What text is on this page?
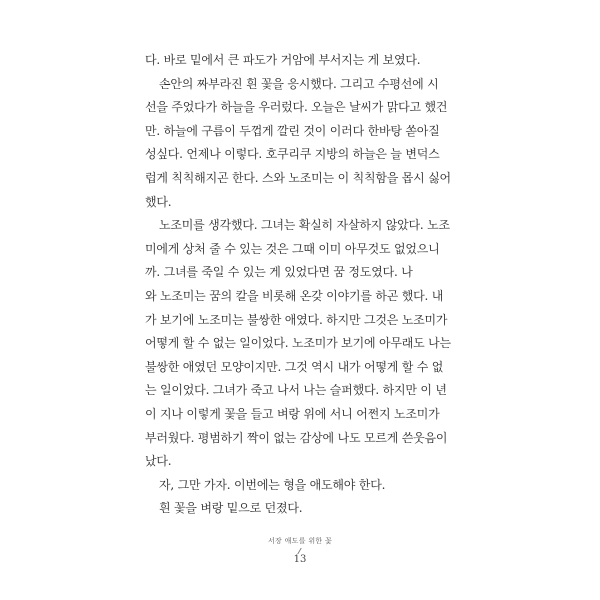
다. 바로 밑에서 큰 파도가 거암에 부서지는 게 보였다.
손안의 짜부라진 흰 꽃을 응시했다. 그리고 수평선에 시
선을 주었다가 하늘을 우러렀다. 오늘은 날씨가 맑다고 했건
만. 하늘에 구름이 두껍게 깔린 것이 이러다 한바탕 쏟아질
성싶다. 언제나 이렇다. 호쿠리쿠 지방의 하늘은 늘 변덕스
럽게 칙칙해지곤 한다. 스와 노조미는 이 칙칙함을 몹시 싫어
했다.
노조미를 생각했다. 그녀는 확실히 자살하지 않았다. 노조
미에게 상처 줄 수 있는 것은 그때 이미 아무것도 없었으니
까. 그녀를 죽일 수 있는 게 있었다면 꿈 정도였다. 나
와 노조미는 꿈의 칼을 비롯해 온갖 이야기를 하곤 했다. 내
가 보기에 노조미는 불쌍한 애였다. 하지만 그것은 노조미가
어떻게 할 수 없는 일이었다. 노조미가 보기에 아무래도 나는
불쌍한 애였던 모양이지만. 그것 역시 내가 어떻게 할 수 없
는 일이었다. 그녀가 죽고 나서 나는 슬퍼했다. 하지만 이 년
이 지나 이렇게 꽃을 들고 벼랑 위에 서니 어쩐지 노조미가
부러웠다. 평범하기 짝이 없는 감상에 나도 모르게 쓴웃음이
났다.
자, 그만 가자. 이번에는 형을 애도해야 한다.
흰 꽃을 벼랑 밑으로 던졌다.
서장 애도를 위한 꽃
13
